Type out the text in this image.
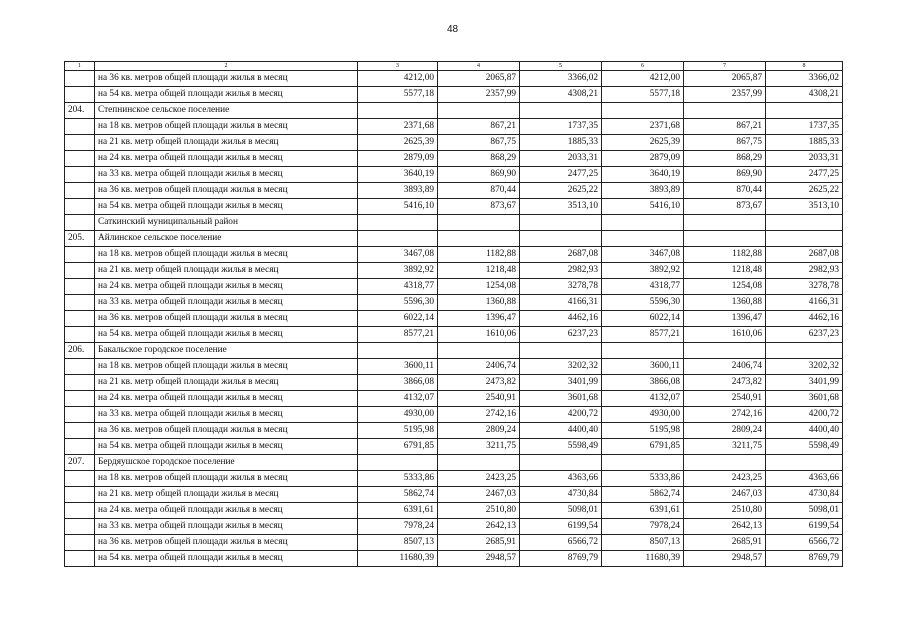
48
1	2	3	4	5	6	7	8
	на 36 кв. метров общей площади жилья в месяц	4212,00	2065,87	3366,02	4212,00	2065,87	3366,02
	на 54 кв. метра общей площади жилья в месяц	5577,18	2357,99	4308,21	5577,18	2357,99	4308,21
204.	Степнинское сельское поселение						
	на 18 кв. метров общей площади жилья в месяц	2371,68	867,21	1737,35	2371,68	867,21	1737,35
	на 21 кв. метр общей площади жилья в месяц	2625,39	867,75	1885,33	2625,39	867,75	1885,33
	на 24 кв. метра общей площади жилья в месяц	2879,09	868,29	2033,31	2879,09	868,29	2033,31
	на 33 кв. метра общей площади жилья в месяц	3640,19	869,90	2477,25	3640,19	869,90	2477,25
	на 36 кв. метров общей площади жилья в месяц	3893,89	870,44	2625,22	3893,89	870,44	2625,22
	на 54 кв. метра общей площади жилья в месяц	5416,10	873,67	3513,10	5416,10	873,67	3513,10
	Саткинский муниципальный район						
205.	Айлинское сельское поселение						
	на 18 кв. метров общей площади жилья в месяц	3467,08	1182,88	2687,08	3467,08	1182,88	2687,08
	на 21 кв. метр общей площади жилья в месяц	3892,92	1218,48	2982,93	3892,92	1218,48	2982,93
	на 24 кв. метра общей площади жилья в месяц	4318,77	1254,08	3278,78	4318,77	1254,08	3278,78
	на 33 кв. метра общей площади жилья в месяц	5596,30	1360,88	4166,31	5596,30	1360,88	4166,31
	на 36 кв. метров общей площади жилья в месяц	6022,14	1396,47	4462,16	6022,14	1396,47	4462,16
	на 54 кв. метра общей площади жилья в месяц	8577,21	1610,06	6237,23	8577,21	1610,06	6237,23
206.	Бакальское городское поселение						
	на 18 кв. метров общей площади жилья в месяц	3600,11	2406,74	3202,32	3600,11	2406,74	3202,32
	на 21 кв. метр общей площади жилья в месяц	3866,08	2473,82	3401,99	3866,08	2473,82	3401,99
	на 24 кв. метра общей площади жилья в месяц	4132,07	2540,91	3601,68	4132,07	2540,91	3601,68
	на 33 кв. метра общей площади жилья в месяц	4930,00	2742,16	4200,72	4930,00	2742,16	4200,72
	на 36 кв. метров общей площади жилья в месяц	5195,98	2809,24	4400,40	5195,98	2809,24	4400,40
	на 54 кв. метра общей площади жилья в месяц	6791,85	3211,75	5598,49	6791,85	3211,75	5598,49
207.	Бердяушское городское поселение						
	на 18 кв. метров общей площади жилья в месяц	5333,86	2423,25	4363,66	5333,86	2423,25	4363,66
	на 21 кв. метр общей площади жилья в месяц	5862,74	2467,03	4730,84	5862,74	2467,03	4730,84
	на 24 кв. метра общей площади жилья в месяц	6391,61	2510,80	5098,01	6391,61	2510,80	5098,01
	на 33 кв. метра общей площади жилья в месяц	7978,24	2642,13	6199,54	7978,24	2642,13	6199,54
	на 36 кв. метров общей площади жилья в месяц	8507,13	2685,91	6566,72	8507,13	2685,91	6566,72
	на 54 кв. метра общей площади жилья в месяц	11680,39	2948,57	8769,79	11680,39	2948,57	8769,79
